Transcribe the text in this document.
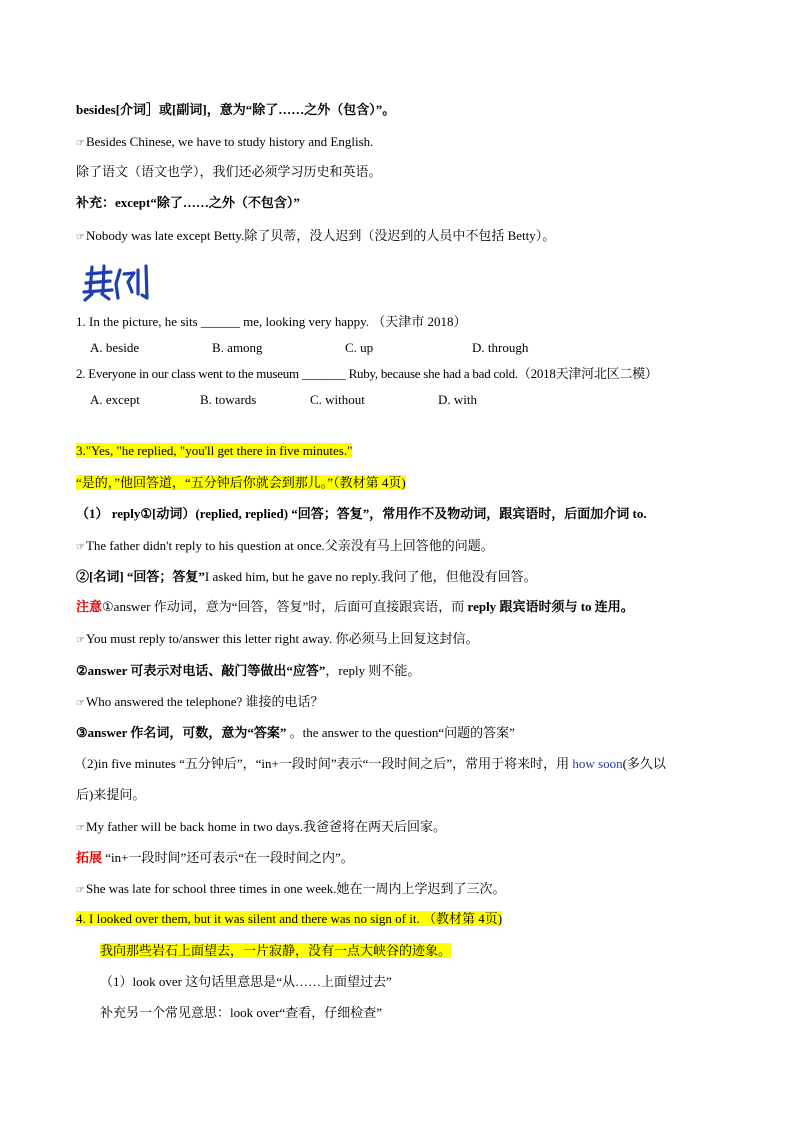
besides[介词］或[副词]，意为“除了……之外（包含）”。
☞Besides Chinese, we have to study history and English.
除了语文（语文也学），我们还必须学习历史和英语。
补充：except“除了……之外（不包含）”
☞Nobody was late except Betty.除了贝蒂，没人迟到（没迟到的人员中不包括 Betty）。
1. In the picture, he sits ______ me, looking very happy. （天津市 2018）
A. beside	B. among	C. up	D. through
2. Everyone in our class went to the museum _______ Ruby, because she had a bad cold.（2018天津河北区二模）
A. except	B. towards	C. without	D. with
3."Yes, "he replied, "you'll get there in five minutes."
“是的，”他回答道，“五分钟后你就会到那儿。”（教材第 4页)
（1） reply①[动词）(replied, replied) “回答；答复”，常用作不及物动词，跟宾语时，后面加介词 to.
☞The father didn't reply to his question at once.父亲没有马上回答他的问题。
②[名词] “回答；答复”I asked him, but he gave no reply.我问了他，但他没有回答。
注意①answer 作动词，意为“回答，答复”时，后面可直接跟宾语，而 reply 跟宾语时须与 to 连用。
☞You must reply to/answer this letter right away. 你必须马上回复这封信。
②answer 可表示对电话、敲门等做出“应答”，reply 则不能。
☞Who answered the telephone? 谁接的电话？
③answer 作名词，可数，意为“答案” 。the answer to the question“问题的答案”
（2)in five minutes “五分钟后”，“in+一段时间”表示“一段时间之后”，常用于将来时，用 how soon(多久以
后)来提问。
☞My father will be back home in two days.我爸爸将在两天后回家。
拓展 “in+一段时间”还可表示“在一段时间之内”。
☞She was late for school three times in one week.她在一周内上学迟到了三次。
4. I looked over them, but it was silent and there was no sign of it. （教材第 4页)
我向那些岩石上面望去，一片寂静，没有一点大峡谷的迹象。
（1）look over 这句话里意思是“从……上面望过去”
补充另一个常见意思：look over“查看，仔细检查”
